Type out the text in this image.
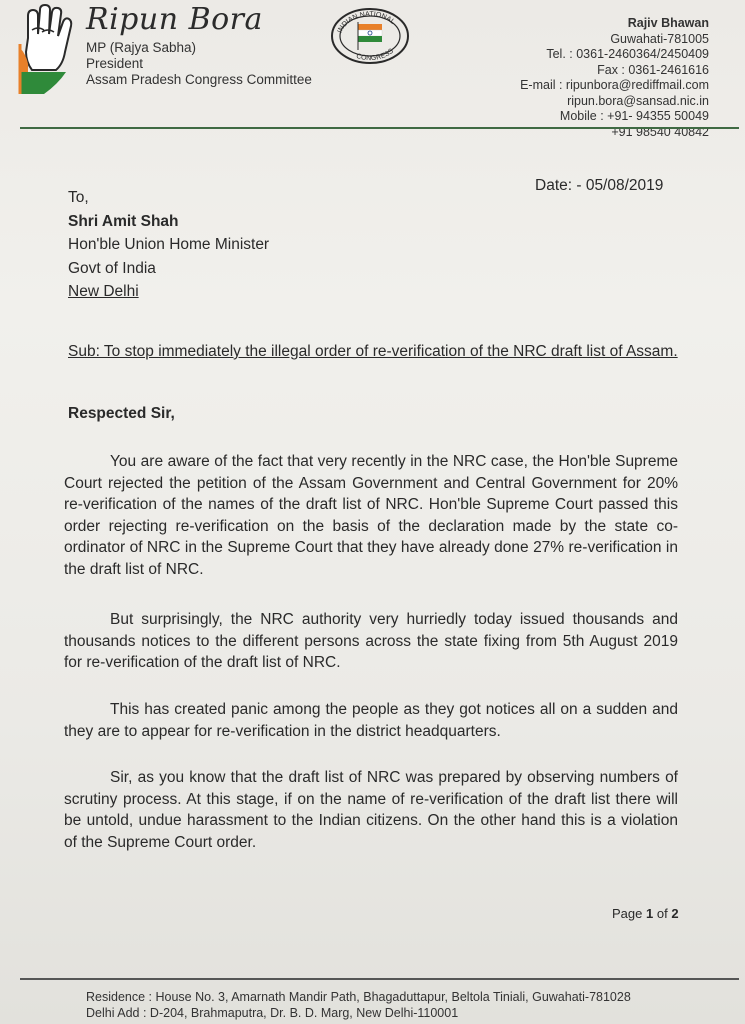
Ripun Bora
MP (Rajya Sabha)
President
Assam Pradesh Congress Committee
INDIAN NATIONAL
CONGRESS
Rajiv Bhawan
Guwahati-781005
Tel. : 0361-2460364/2450409
Fax : 0361-2461616
E-mail : ripunbora@rediffmail.com
ripun.bora@sansad.nic.in
Mobile : +91- 94355 50049
+91 98540 40842
Date: - 05/08/2019
To,
Shri Amit Shah
Hon'ble Union Home Minister
Govt of India
New Delhi
Sub: To stop immediately the illegal order of re-verification of the NRC draft list of Assam.
Respected Sir,

You are aware of the fact that very recently in the NRC case, the Hon'ble Supreme Court rejected the petition of the Assam Government and Central Government for 20% re-verification of the names of the draft list of NRC. Hon'ble Supreme Court passed this order rejecting re-verification on the basis of the declaration made by the state co-ordinator of NRC in the Supreme Court that they have already done 27% re-verification in the draft list of NRC.

But surprisingly, the NRC authority very hurriedly today issued thousands and thousands notices to the different persons across the state fixing from 5th August 2019 for re-verification of the draft list of NRC.

This has created panic among the people as they got notices all on a sudden and they are to appear for re-verification in the district headquarters.

Sir, as you know that the draft list of NRC was prepared by observing numbers of scrutiny process. At this stage, if on the name of re-verification of the draft list there will be untold, undue harassment to the Indian citizens. On the other hand this is a violation of the Supreme Court order.

Page 1 of 2
Residence : House No. 3, Amarnath Mandir Path, Bhagaduttapur, Beltola Tiniali, Guwahati-781028
Delhi Add : D-204, Brahmaputra, Dr. B. D. Marg, New Delhi-110001
